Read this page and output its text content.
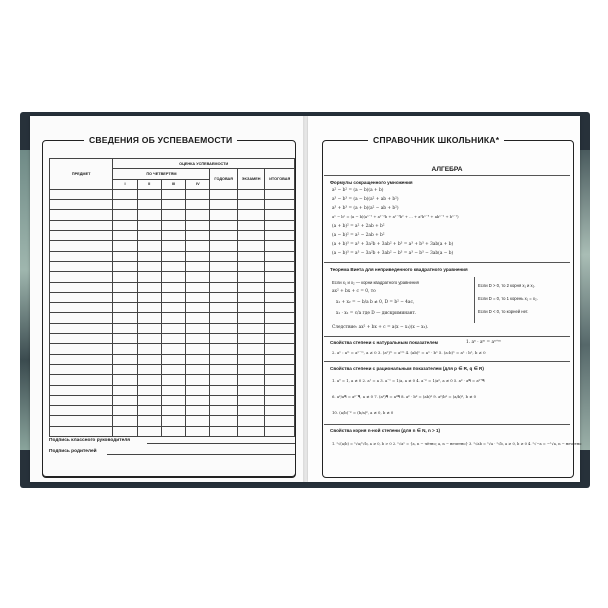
СВЕДЕНИЯ ОБ УСПЕВАЕМОСТИ
ПРЕДМЕТ	ОЦЕНКА УСПЕВАЕМОСТИ						
	ПО ЧЕТВЕРТЯМ				ГОДОВАЯ	ЭКЗАМЕН	ИТОГОВАЯ
	I	II	III	IV			

Подпись классного руководителя
Подпись родителей
СПРАВОЧНИК ШКОЛЬНИКА*
АЛГЕБРА
Формулы сокращенного умножения
a² − b² = (a − b)(a + b)
a³ − b³ = (a − b)(a² + ab + b²)
a³ + b³ = (a + b)(a² − ab + b²)
aⁿ − bⁿ = (a − b)(aⁿ⁻¹ + aⁿ⁻²b + aⁿ⁻³b² + … + a²bⁿ⁻³ + abⁿ⁻² + bⁿ⁻¹)
(a + b)² = a² + 2ab + b²
(a − b)² = a² − 2ab + b²
(a + b)³ = a³ + 3a²b + 3ab² + b³ = a³ + b³ + 3ab(a + b)
(a − b)³ = a³ − 3a²b + 3ab² − b³ = a³ − b³ − 3ab(a − b)
Теорема Виета для неприведенного квадратного уравнения
Если x₁ и x₂ — корни квадратного уравнения
ax² + bx + c = 0, то
x₁ + x₂ = − b/a b ≠ 0, D = b² − 4ac,
x₁ · x₂ = c/a где D — дискриминант.
Следствие: ax² + bx + c = a(x − x₁)(x − x₂).
Если D > 0, то 2 корня x₁ и x₂.
Если D = 0, то 1 корень x₁ = x₂.
Если D < 0, то корней нет.
Свойства степени с натуральным показателем	1. aⁿ · aᵐ = aⁿ⁺ᵐ
2. aⁿ : aᵐ = aⁿ⁻ᵐ, a ≠ 0 3. (aⁿ)ᵐ = aⁿᵐ 4. (ab)ⁿ = aⁿ · bⁿ 5. (a:b)ⁿ = aⁿ : bⁿ, b ≠ 0
Свойства степени с рациональным показателем (для p ∈ R, q ∈ R)
1. a⁰ = 1, a ≠ 0 2. a¹ = a 3. a⁻¹ = 1/a, a ≠ 0 4. a⁻ᵖ = 1/aᵖ, a ≠ 0 5. aᵖ · aᑫ = aᵖ⁺ᑫ
6. aᵖ/aᑫ = aᵖ⁻ᑫ, a ≠ 0 7. (aᵖ)ᑫ = aᵖᑫ 8. aᵖ · bᵖ = (ab)ᵖ 9. aᵖ/bᵖ = (a/b)ᵖ, b ≠ 0
10. (a/b)⁻ᵖ = (b/a)ᵖ, a ≠ 0, b ≠ 0
Свойства корня n-ной степени (для n ∈ N, n > 1)
1. ⁿ√(a/b) = ⁿ√a/ⁿ√b, a ≥ 0, b > 0 2. ⁿ√aⁿ = {a, n − чётно; a, n − нечетно} 3. ⁿ√ab = ⁿ√a · ⁿ√b, a ≥ 0, b ≥ 0 4. ⁿ√−a = −ⁿ√a, n − нечетно
